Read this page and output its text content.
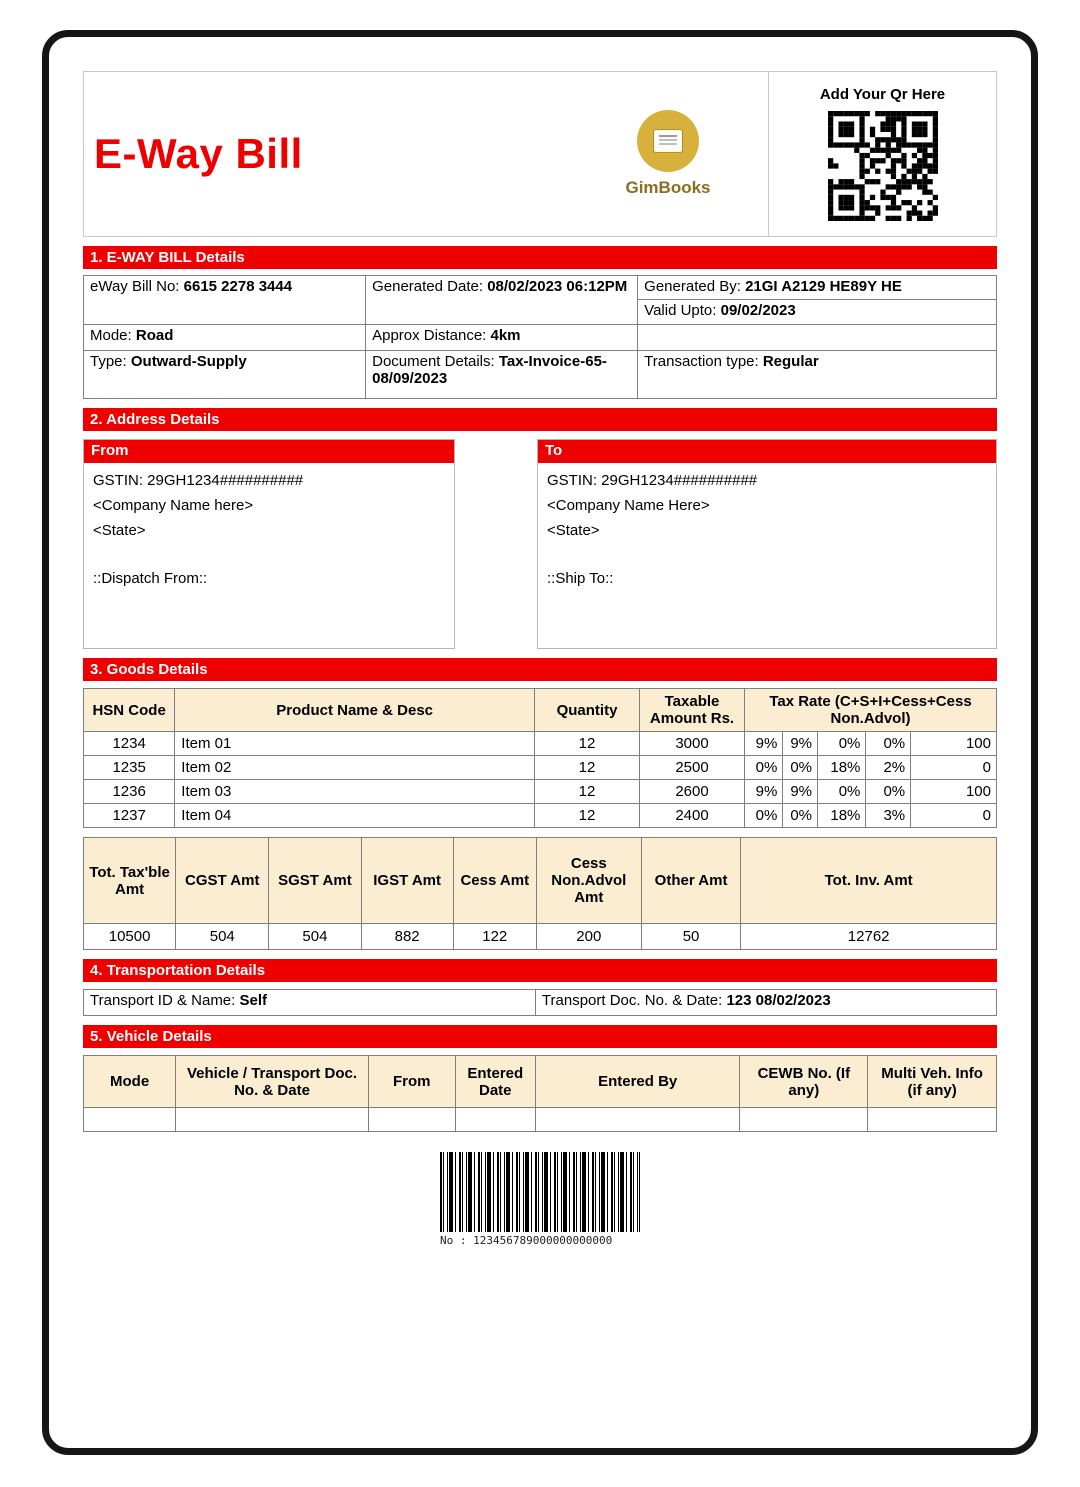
E-Way Bill
GimBooks
Add Your Qr Here
1. E-WAY BILL Details
eWay Bill No: 6615 2278 3444	Generated Date: 08/02/2023 06:12PM	Generated By: 21GI A2129 HE89Y HE
Valid Upto: 09/02/2023

Mode: Road	Approx Distance: 4km	
Type: Outward-Supply	Document Details: Tax-Invoice-65- 08/09/2023	Transaction type: Regular
2. Address Details
From
GSTIN: 29GH1234##########
<Company Name here>
<State>
::Dispatch From::
To
GSTIN: 29GH1234##########
<Company Name Here>
<State>
::Ship To::
3. Goods Details
HSN Code	Product Name & Desc	Quantity	Taxable Amount Rs.	Tax Rate (C+S+I+Cess+Cess Non.Advol)				
1234	Item 01	12	3000	9%	9%	0%	0%	100
1235	Item 02	12	2500	0%	0%	18%	2%	0
1236	Item 03	12	2600	9%	9%	0%	0%	100
1237	Item 04	12	2400	0%	0%	18%	3%	0
Tot. Tax'ble Amt	CGST Amt	SGST Amt	IGST Amt	Cess Amt	Cess Non.Advol Amt	Other Amt	Tot. Inv. Amt
10500	504	504	882	122	200	50	12762
4. Transportation Details
Transport ID & Name: Self	Transport Doc. No. & Date: 123 08/02/2023
5. Vehicle Details
Mode	Vehicle / Transport Doc. No. & Date	From	Entered Date	Entered By	CEWB No. (If any)	Multi Veh. Info (if any)

No : 123456789000000000000
